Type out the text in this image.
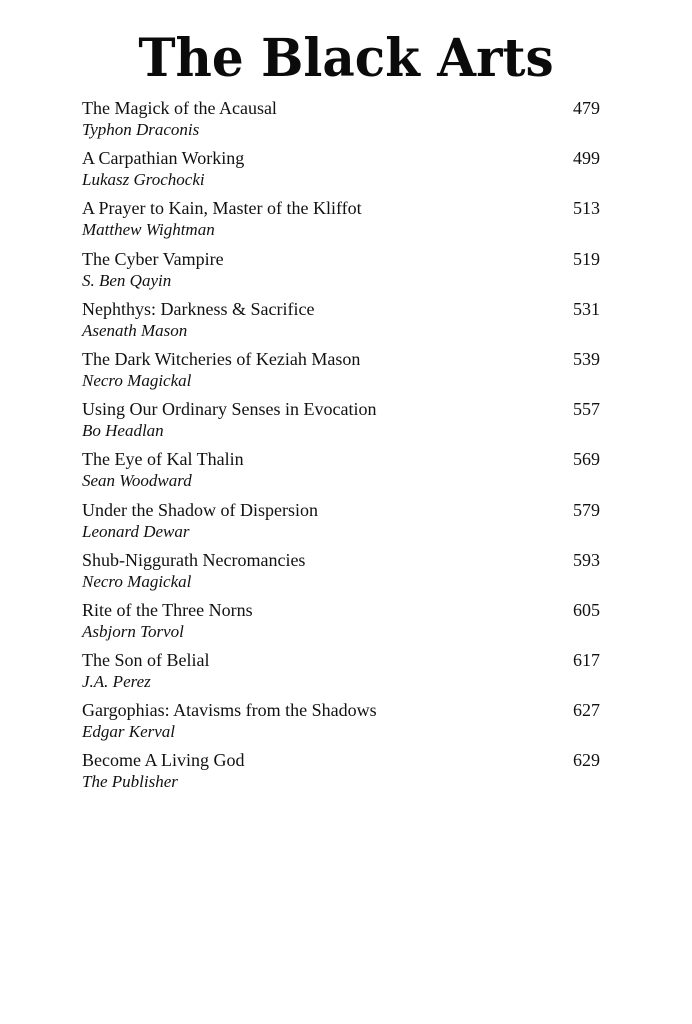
The Black Arts
The Magick of the Acausal
Typhon Draconis
479
A Carpathian Working
Lukasz Grochocki
499
A Prayer to Kain, Master of the Kliffot
Matthew Wightman
513
The Cyber Vampire
S. Ben Qayin
519
Nephthys: Darkness & Sacrifice
Asenath Mason
531
The Dark Witcheries of Keziah Mason
Necro Magickal
539
Using Our Ordinary Senses in Evocation
Bo Headlan
557
The Eye of Kal Thalin
Sean Woodward
569
Under the Shadow of Dispersion
Leonard Dewar
579
Shub-Niggurath Necromancies
Necro Magickal
593
Rite of the Three Norns
Asbjorn Torvol
605
The Son of Belial
J.A. Perez
617
Gargophias: Atavisms from the Shadows
Edgar Kerval
627
Become A Living God
The Publisher
629
